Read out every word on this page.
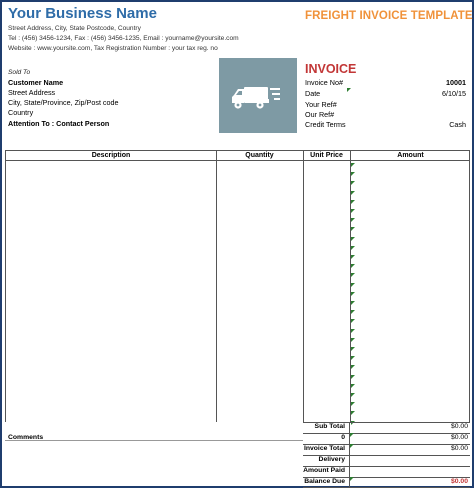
Your Business Name	FREIGHT INVOICE TEMPLATE
Street Address, City, State Postcode, Country
Tel : (456) 3456-1234, Fax : (456) 3456-1235, Email : yourname@yoursite.com
Website : www.yoursite.com, Tax Registration Number : your tax reg. no
Sold To
Customer Name
Street Address
City, State/Province, Zip/Post code
Country
Attention To : Contact Person
INVOICE
Invoice No#	10001
Date	6/10/15
Your Ref#
Our Ref#
Credit Terms	Cash
Description	Quantity	Unit Price	Amount
Comments
Sub Total	$0.00
0	$0.00
Invoice Total	$0.00
Delivery
Amount Paid
Balance Due	$0.00
